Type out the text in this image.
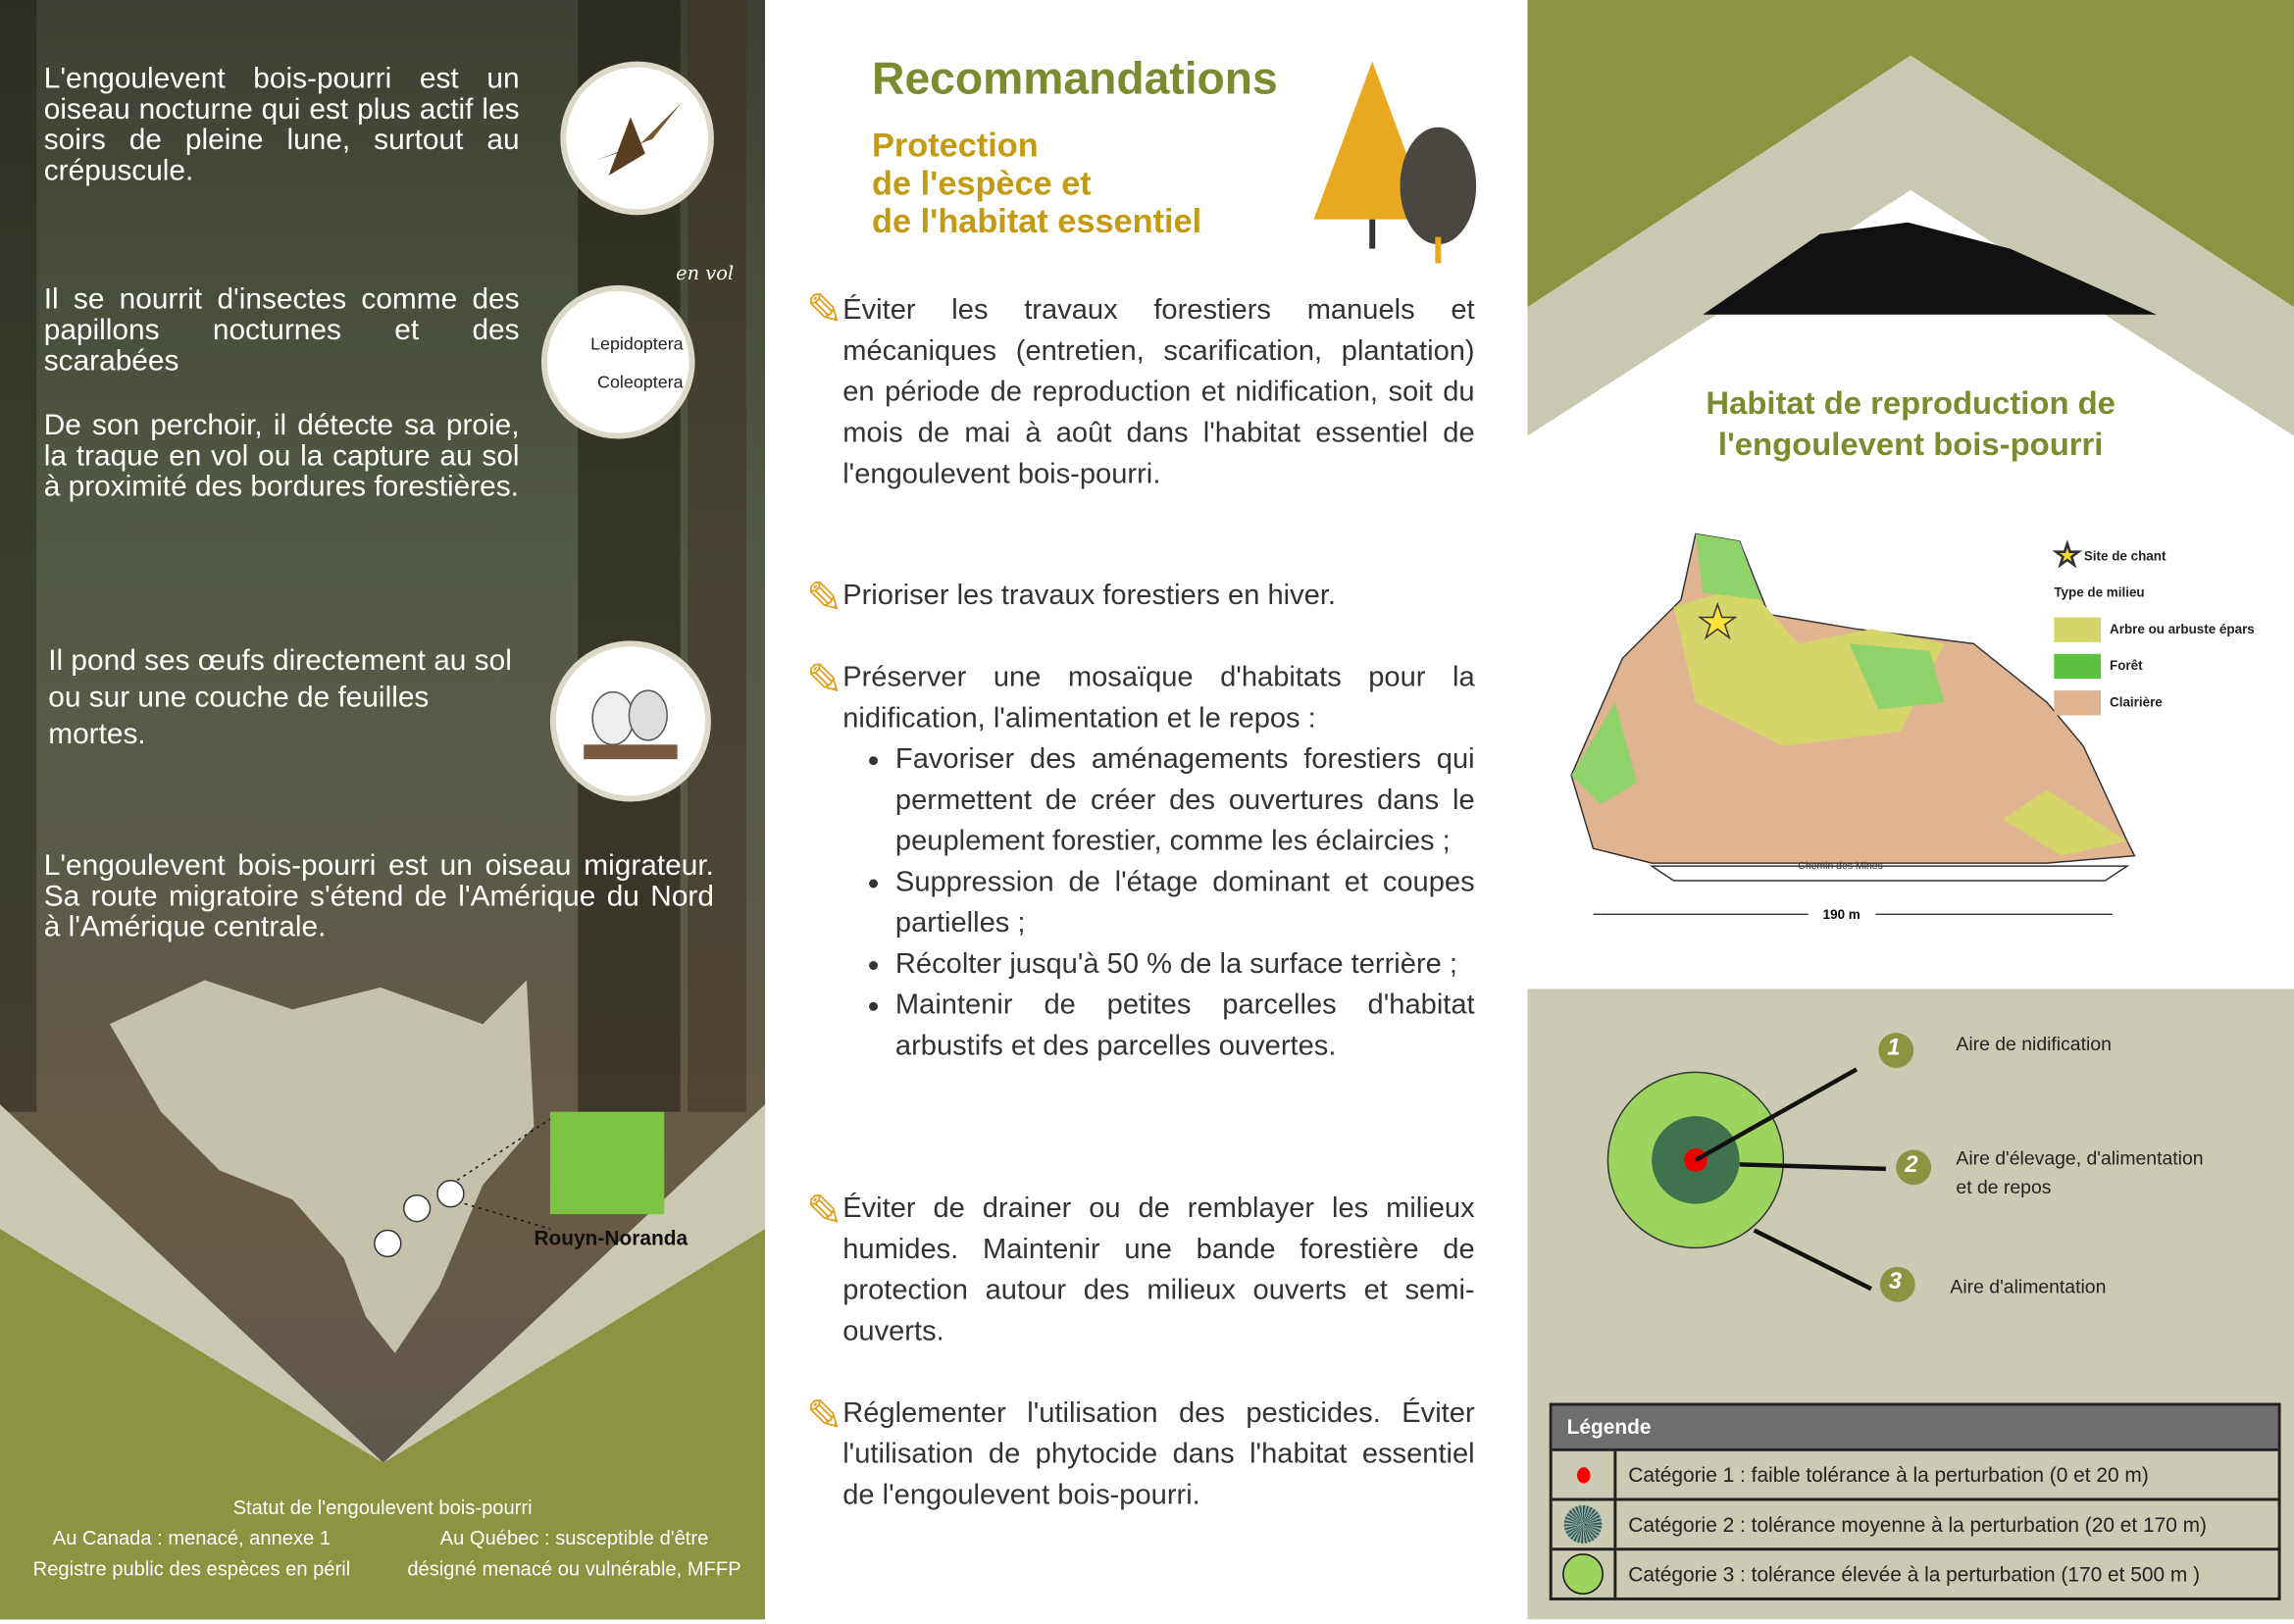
L'engoulevent bois-pourri est un oiseau nocturne qui est plus actif les soirs de pleine lune, surtout au crépuscule.

en vol

Il se nourrit d'insectes comme des papillons nocturnes et des scarabées

Lepidoptera
Coleoptera

De son perchoir, il détecte sa proie, la traque en vol ou la capture au sol à proximité des bordures forestières.

Il pond ses œufs directement au sol ou sur une couche de feuilles mortes.

L'engoulevent bois-pourri est un oiseau migrateur. Sa route migratoire s'étend de l'Amérique du Nord à l'Amérique centrale.

Rouyn-Noranda
Statut de l'engoulevent bois-pourri
Au Canada : menacé, annexe 1
Registre public des espèces en péril
Au Québec : susceptible d'être
désigné menacé ou vulnérable, MFFP
Recommandations
Protection
de l'espèce et
de l'habitat essentiel
✎ Éviter les travaux forestiers manuels et mécaniques (entretien, scarification, plantation) en période de reproduction et nidification, soit du mois de mai à août dans l'habitat essentiel de l'engoulevent bois-pourri.
✎ Prioriser les travaux forestiers en hiver.
✎ Préserver une mosaïque d'habitats pour la nidification, l'alimentation et le repos :
• Favoriser des aménagements forestiers qui permettent de créer des ouvertures dans le peuplement forestier, comme les éclaircies ;
• Suppression de l'étage dominant et coupes partielles ;
• Récolter jusqu'à 50 % de la surface terrière ;
• Maintenir de petites parcelles d'habitat arbustifs et des parcelles ouvertes.
✎ Éviter de drainer ou de remblayer les milieux humides. Maintenir une bande forestière de protection autour des milieux ouverts et semi-ouverts.
✎ Réglementer l'utilisation des pesticides. Éviter l'utilisation de phytocide dans l'habitat essentiel de l'engoulevent bois-pourri.
Habitat de reproduction de
l'engoulevent bois-pourri
Chemin des Mines
190 m
★ Site de chant
Type de milieu
Arbre ou arbuste épars
Forêt
Clairière
1
2
3
Aire de nidification
Aire d'élevage, d'alimentation et de repos
Aire d'alimentation
Légende
Catégorie 1 : faible tolérance à la perturbation (0 et 20 m)
Catégorie 2 : tolérance moyenne à la perturbation (20 et 170 m)
Catégorie 3 : tolérance élevée à la perturbation (170 et 500 m )
